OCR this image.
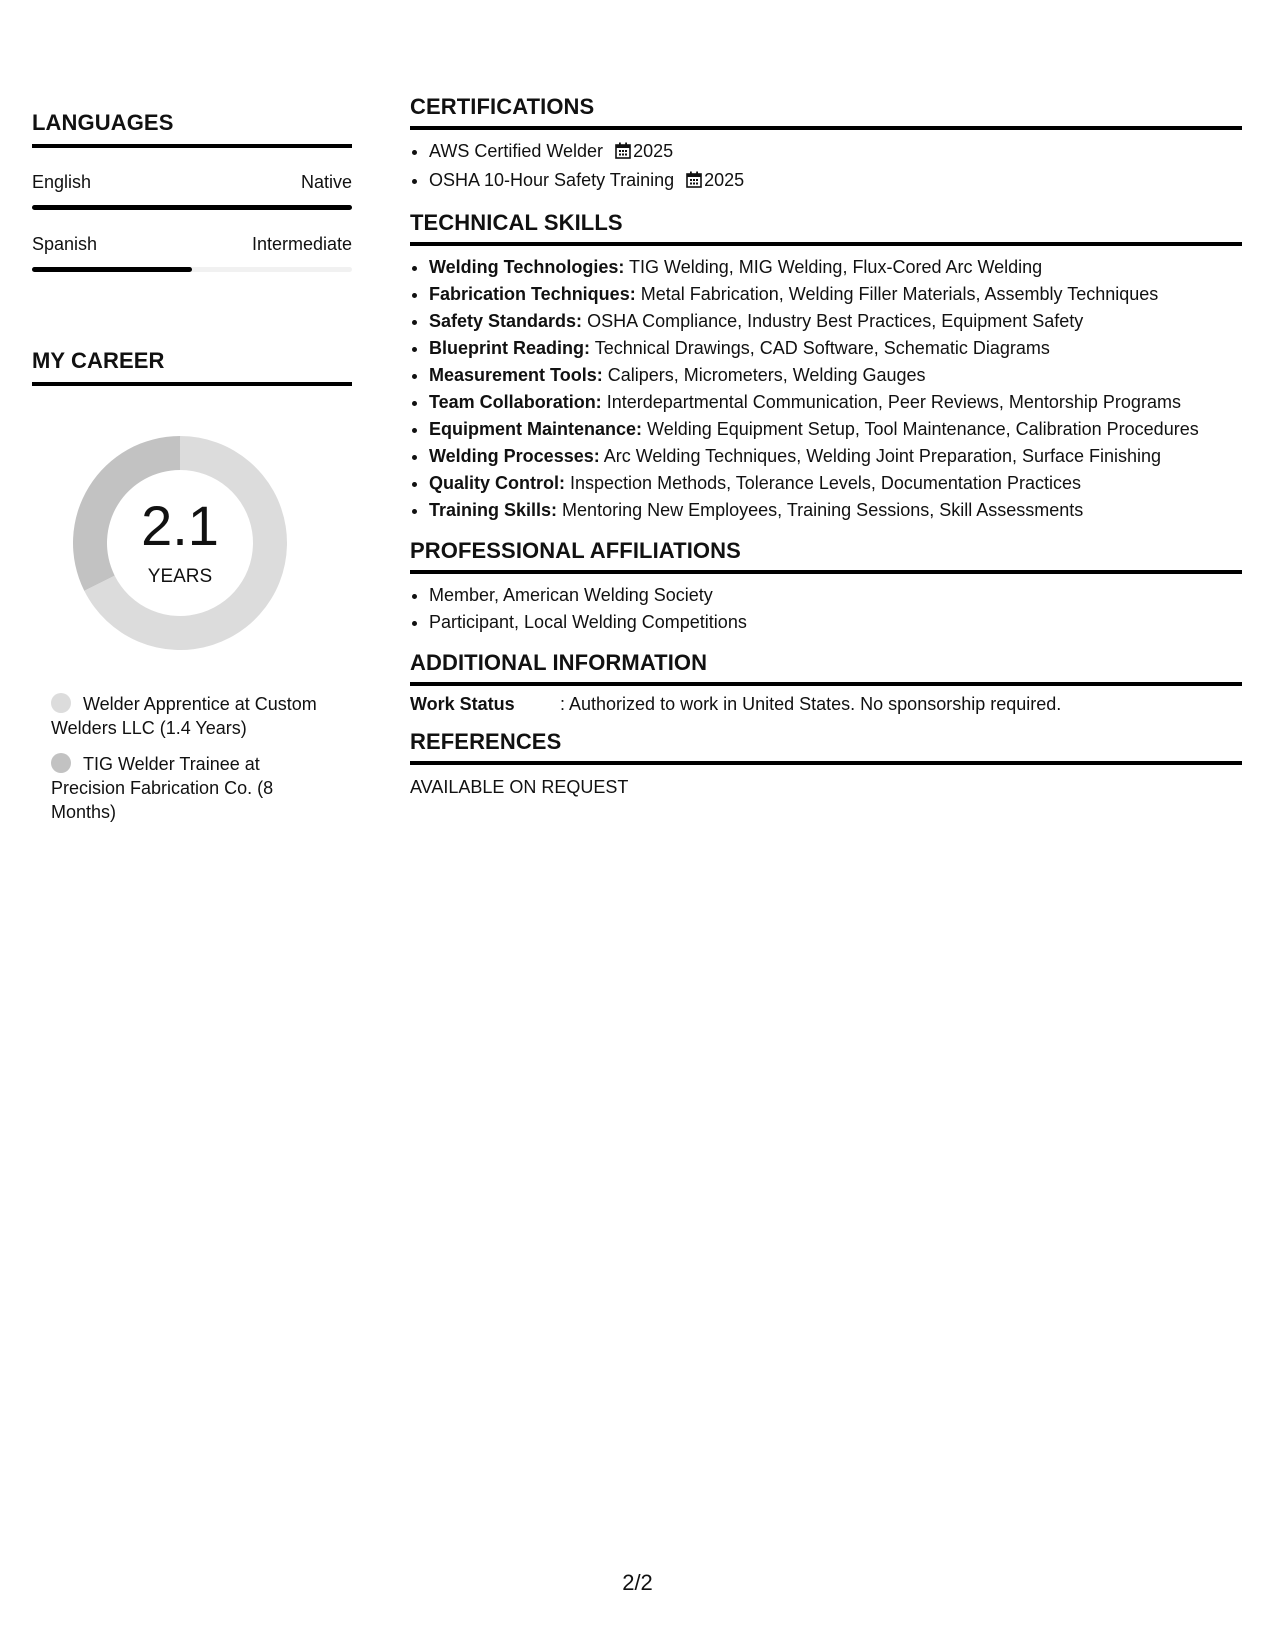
LANGUAGES
English	Native
Spanish	Intermediate
MY CAREER
2.1
YEARS
Welder Apprentice at Custom Welders LLC (1.4 Years)
TIG Welder Trainee at Precision Fabrication Co. (8 Months)
CERTIFICATIONS
• AWS Certified Welder 2025
• OSHA 10-Hour Safety Training 2025
TECHNICAL SKILLS
• Welding Technologies: TIG Welding, MIG Welding, Flux-Cored Arc Welding
• Fabrication Techniques: Metal Fabrication, Welding Filler Materials, Assembly Techniques
• Safety Standards: OSHA Compliance, Industry Best Practices, Equipment Safety
• Blueprint Reading: Technical Drawings, CAD Software, Schematic Diagrams
• Measurement Tools: Calipers, Micrometers, Welding Gauges
• Team Collaboration: Interdepartmental Communication, Peer Reviews, Mentorship Programs
• Equipment Maintenance: Welding Equipment Setup, Tool Maintenance, Calibration Procedures
• Welding Processes: Arc Welding Techniques, Welding Joint Preparation, Surface Finishing
• Quality Control: Inspection Methods, Tolerance Levels, Documentation Practices
• Training Skills: Mentoring New Employees, Training Sessions, Skill Assessments
PROFESSIONAL AFFILIATIONS
• Member, American Welding Society
• Participant, Local Welding Competitions
ADDITIONAL INFORMATION
Work Status	: Authorized to work in United States. No sponsorship required.
REFERENCES
AVAILABLE ON REQUEST
2/2
